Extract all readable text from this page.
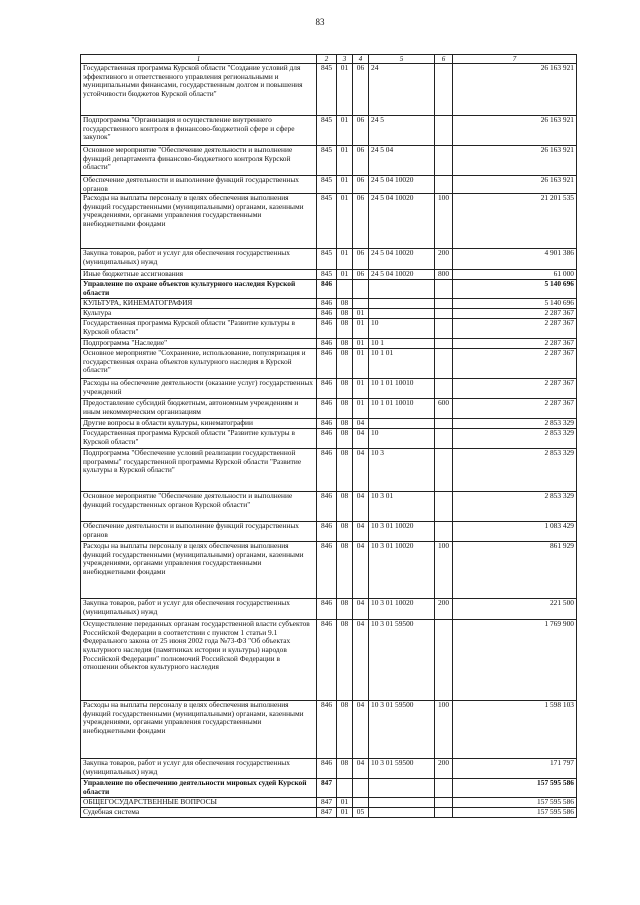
83
1	2	3	4	5	6	7
Государственная программа Курской области "Создание условий для эффективного и ответственного управления региональными и муниципальными финансами, государственным долгом и повышения устойчивости бюджетов Курской области"	845	01	06	24		26 163 921
Подпрограмма "Организация и осуществление внутреннего государственного контроля в финансово-бюджетной сфере и сфере закупок"	845	01	06	24 5		26 163 921
Основное мероприятие "Обеспечение деятельности и выполнение функций департамента финансово-бюджетного контроля Курской области"	845	01	06	24 5 04		26 163 921
Обеспечение деятельности и выполнение функций государственных органов	845	01	06	24 5 04 10020		26 163 921
Расходы на выплаты персоналу в целях обеспечения выполнения функций государственными (муниципальными) органами, казенными учреждениями, органами управления государственными внебюджетными фондами	845	01	06	24 5 04 10020	100	21 201 535
Закупка товаров, работ и услуг для обеспечения государственных (муниципальных) нужд	845	01	06	24 5 04 10020	200	4 901 386
Иные бюджетные ассигнования	845	01	06	24 5 04 10020	800	61 000
Управление по охране объектов культурного наследия Курской области	846					5 140 696
КУЛЬТУРА, КИНЕМАТОГРАФИЯ	846	08				5 140 696
Культура	846	08	01			2 287 367
Государственная программа Курской области "Развитие культуры в Курской области"	846	08	01	10		2 287 367
Подпрограмма "Наследие"	846	08	01	10 1		2 287 367
Основное мероприятие "Сохранение, использование, популяризация и государственная охрана объектов культурного наследия в Курской области"	846	08	01	10 1 01		2 287 367
Расходы на обеспечение деятельности (оказание услуг) государственных учреждений	846	08	01	10 1 01 10010		2 287 367
Предоставление субсидий бюджетным, автономным учреждениям и иным некоммерческим организациям	846	08	01	10 1 01 10010	600	2 287 367
Другие вопросы в области культуры, кинематографии	846	08	04			2 853 329
Государственная программа Курской области "Развитие культуры в Курской области"	846	08	04	10		2 853 329
Подпрограмма "Обеспечение условий реализации государственной программы" государственной программы Курской области "Развитие культуры в Курской области"	846	08	04	10 3		2 853 329
Основное мероприятие "Обеспечение деятельности и выполнение функций государственных органов Курской области"	846	08	04	10 3 01		2 853 329
Обеспечение деятельности и выполнение функций государственных органов	846	08	04	10 3 01 10020		1 083 429
Расходы на выплаты персоналу в целях обеспечения выполнения функций государственными (муниципальными) органами, казенными учреждениями, органами управления государственными внебюджетными фондами	846	08	04	10 3 01 10020	100	861 929
Закупка товаров, работ и услуг для обеспечения государственных (муниципальных) нужд	846	08	04	10 3 01 10020	200	221 500
Осуществление переданных органам государственной власти субъектов Российской Федерации в соответствии с пунктом 1 статьи 9.1 Федерального закона от 25 июня 2002 года №73-ФЗ "Об объектах культурного наследия (памятниках истории и культуры) народов Российской Федерации" полномочий Российской Федерации в отношении объектов культурного наследия	846	08	04	10 3 01 59500		1 769 900
Расходы на выплаты персоналу в целях обеспечения выполнения функций государственными (муниципальными) органами, казенными учреждениями, органами управления государственными внебюджетными фондами	846	08	04	10 3 01 59500	100	1 598 103
Закупка товаров, работ и услуг для обеспечения государственных (муниципальных) нужд	846	08	04	10 3 01 59500	200	171 797
Управление по обеспечению деятельности мировых судей Курской области	847					157 595 586
ОБЩЕГОСУДАРСТВЕННЫЕ ВОПРОСЫ	847	01				157 595 586
Судебная система	847	01	05			157 595 586
